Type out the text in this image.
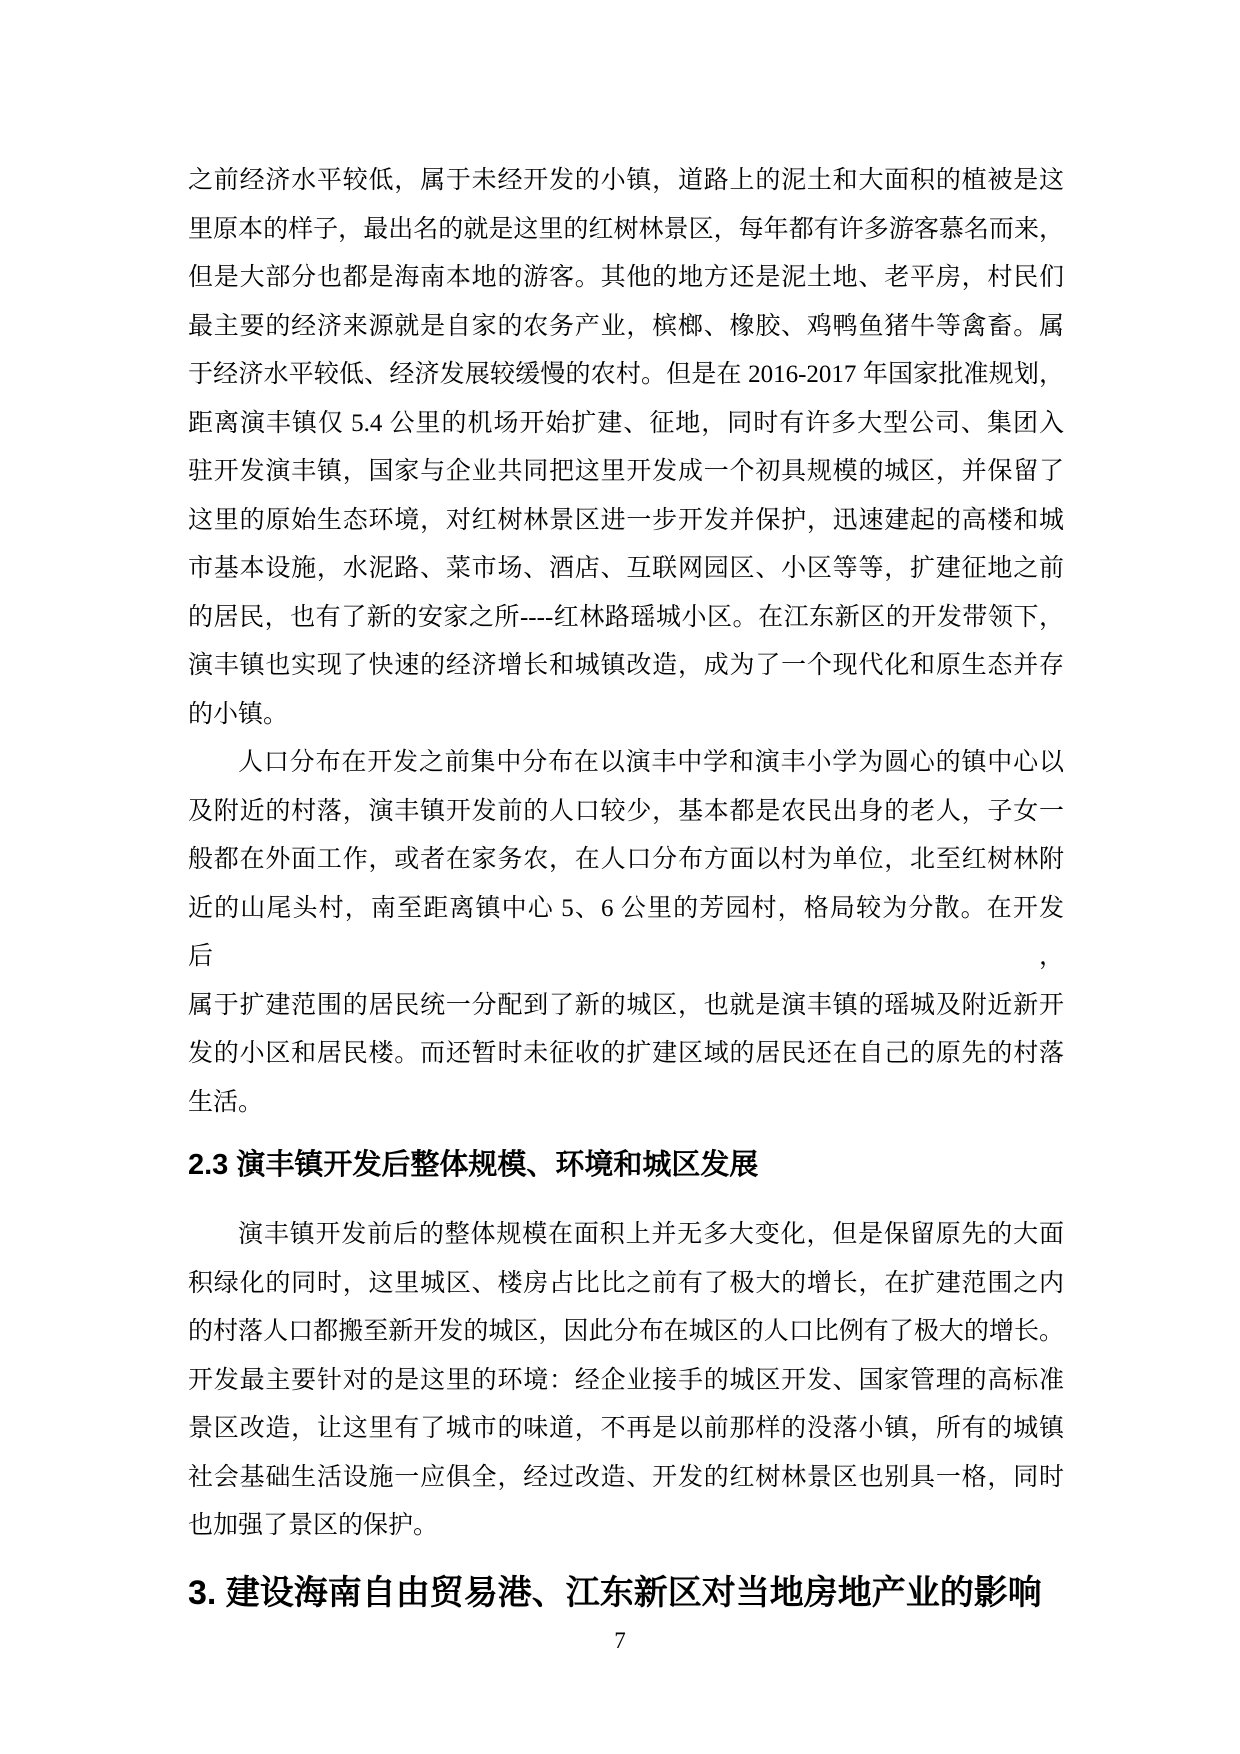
之前经济水平较低，属于未经开发的小镇，道路上的泥土和大面积的植被是这
里原本的样子，最出名的就是这里的红树林景区，每年都有许多游客慕名而来，
但是大部分也都是海南本地的游客。其他的地方还是泥土地、老平房，村民们
最主要的经济来源就是自家的农务产业，槟榔、橡胶、鸡鸭鱼猪牛等禽畜。属
于经济水平较低、经济发展较缓慢的农村。但是在 2016-2017 年国家批准规划，
距离演丰镇仅 5.4 公里的机场开始扩建、征地，同时有许多大型公司、集团入
驻开发演丰镇，国家与企业共同把这里开发成一个初具规模的城区，并保留了
这里的原始生态环境，对红树林景区进一步开发并保护，迅速建起的高楼和城
市基本设施，水泥路、菜市场、酒店、互联网园区、小区等等，扩建征地之前
的居民，也有了新的安家之所----红林路瑶城小区。在江东新区的开发带领下，
演丰镇也实现了快速的经济增长和城镇改造，成为了一个现代化和原生态并存
的小镇。
人口分布在开发之前集中分布在以演丰中学和演丰小学为圆心的镇中心以
及附近的村落，演丰镇开发前的人口较少，基本都是农民出身的老人，子女一
般都在外面工作，或者在家务农，在人口分布方面以村为单位，北至红树林附
近的山尾头村，南至距离镇中心 5、6 公里的芳园村，格局较为分散。在开发后，
属于扩建范围的居民统一分配到了新的城区，也就是演丰镇的瑶城及附近新开
发的小区和居民楼。而还暂时未征收的扩建区域的居民还在自己的原先的村落
生活。
2.3 演丰镇开发后整体规模、环境和城区发展
演丰镇开发前后的整体规模在面积上并无多大变化，但是保留原先的大面
积绿化的同时，这里城区、楼房占比比之前有了极大的增长，在扩建范围之内
的村落人口都搬至新开发的城区，因此分布在城区的人口比例有了极大的增长。
开发最主要针对的是这里的环境：经企业接手的城区开发、国家管理的高标准
景区改造，让这里有了城市的味道，不再是以前那样的没落小镇，所有的城镇
社会基础生活设施一应俱全，经过改造、开发的红树林景区也别具一格，同时
也加强了景区的保护。
3. 建设海南自由贸易港、江东新区对当地房地产业的影响
7
